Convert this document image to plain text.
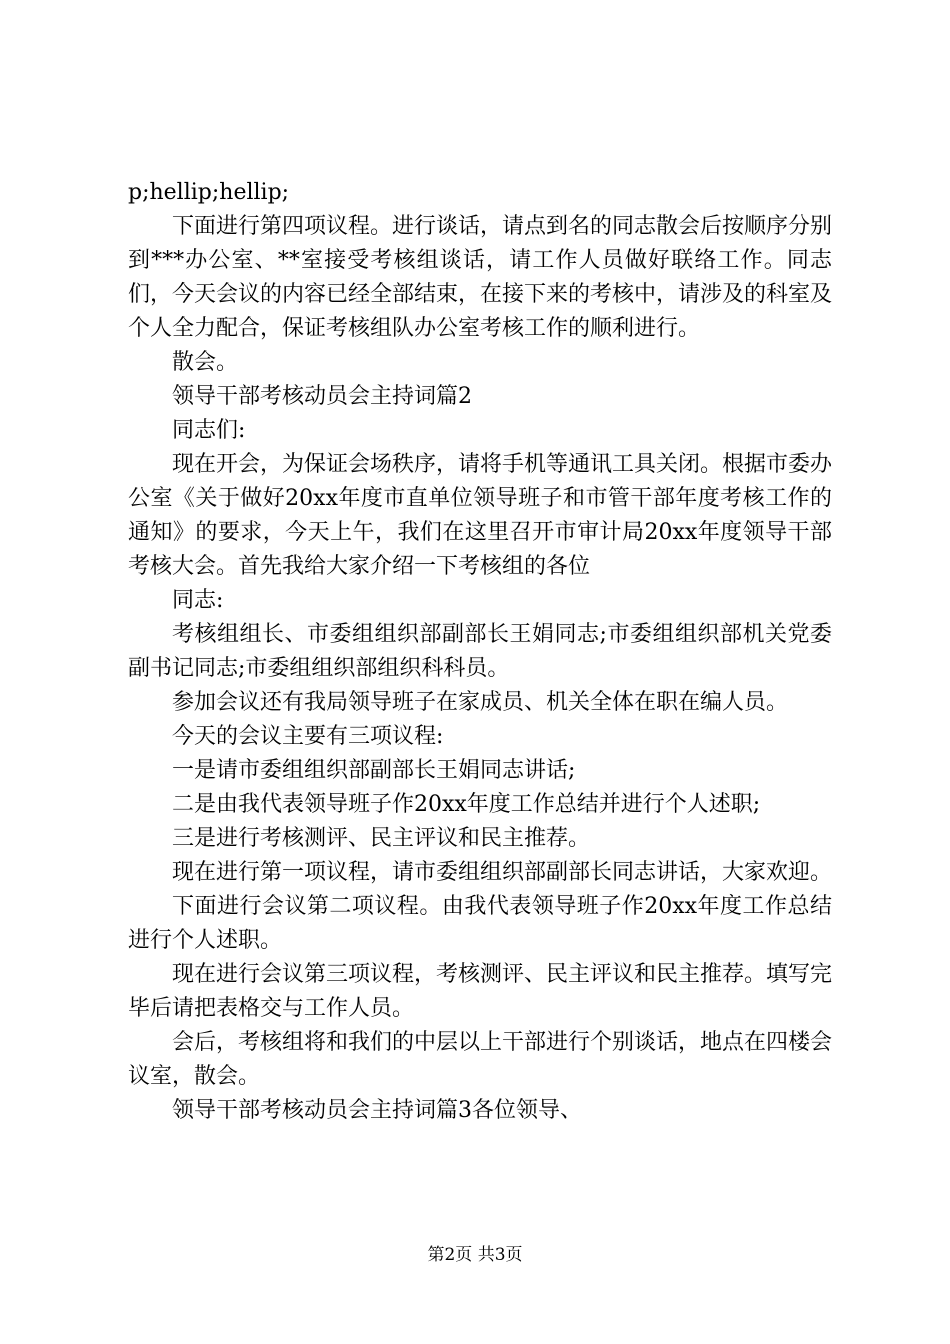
p;hellip;hellip;

下面进行第四项议程。进行谈话，请点到名的同志散会后按顺序分别到***办公室、**室接受考核组谈话，请工作人员做好联络工作。同志们，今天会议的内容已经全部结束，在接下来的考核中，请涉及的科室及个人全力配合，保证考核组队办公室考核工作的顺利进行。

散会。

领导干部考核动员会主持词篇2

同志们:

现在开会，为保证会场秩序，请将手机等通讯工具关闭。根据市委办公室《关于做好20xx年度市直单位领导班子和市管干部年度考核工作的通知》的要求，今天上午，我们在这里召开市审计局20xx年度领导干部考核大会。首先我给大家介绍一下考核组的各位

同志:

考核组组长、市委组组织部副部长王娟同志;市委组组织部机关党委副书记同志;市委组组织部组织科科员。

参加会议还有我局领导班子在家成员、机关全体在职在编人员。

今天的会议主要有三项议程:

一是请市委组组织部副部长王娟同志讲话;

二是由我代表领导班子作20xx年度工作总结并进行个人述职;

三是进行考核测评、民主评议和民主推荐。

现在进行第一项议程，请市委组组织部副部长同志讲话，大家欢迎。

下面进行会议第二项议程。由我代表领导班子作20xx年度工作总结进行个人述职。

现在进行会议第三项议程，考核测评、民主评议和民主推荐。填写完毕后请把表格交与工作人员。

会后，考核组将和我们的中层以上干部进行个别谈话，地点在四楼会议室，散会。

领导干部考核动员会主持词篇3各位领导、

第2页 共3页
